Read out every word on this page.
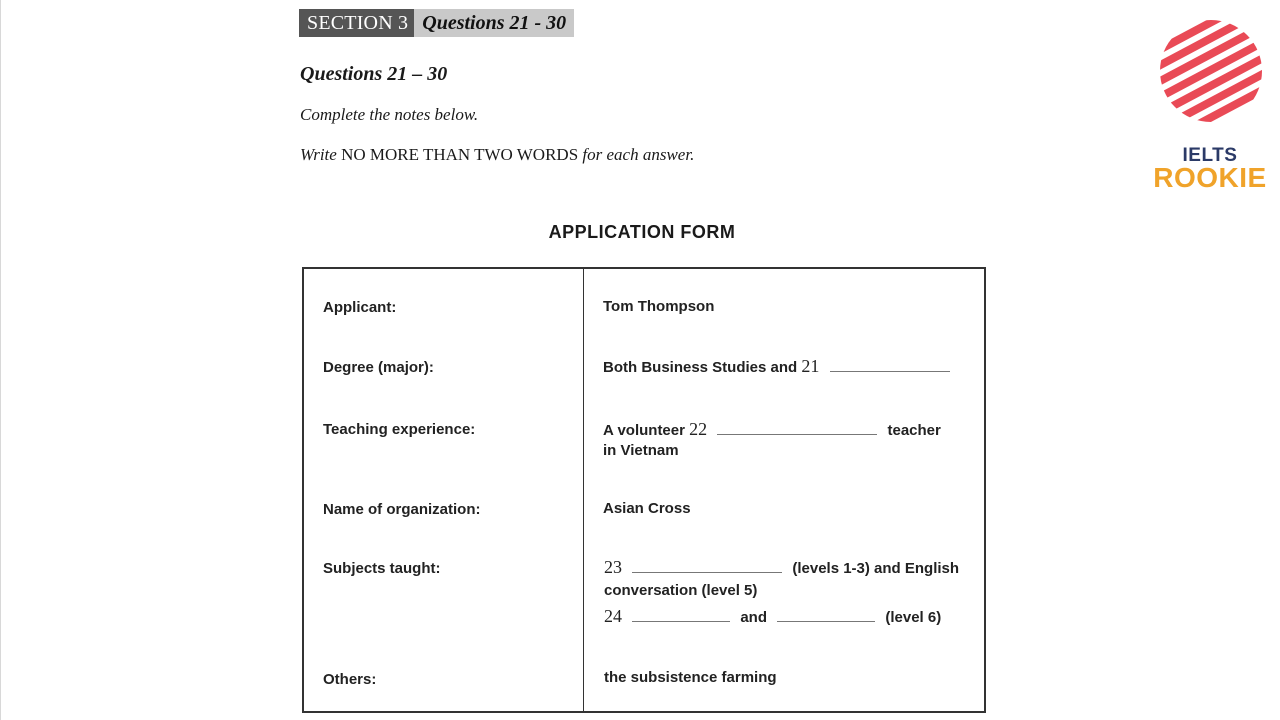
SECTION 3 Questions 21 - 30
Questions 21 – 30
Complete the notes below.
Write NO MORE THAN TWO WORDS for each answer.
APPLICATION FORM
Applicant:	Tom Thompson
Degree (major):	Both Business Studies and 21
Teaching experience:	A volunteer 22	teacher
in Vietnam
Name of organization:	Asian Cross
Subjects taught:	23	(levels 1-3) and English
conversation (level 5)
24	and	(level 6)
Others:	the subsistence farming
IELTS
ROOKIE
